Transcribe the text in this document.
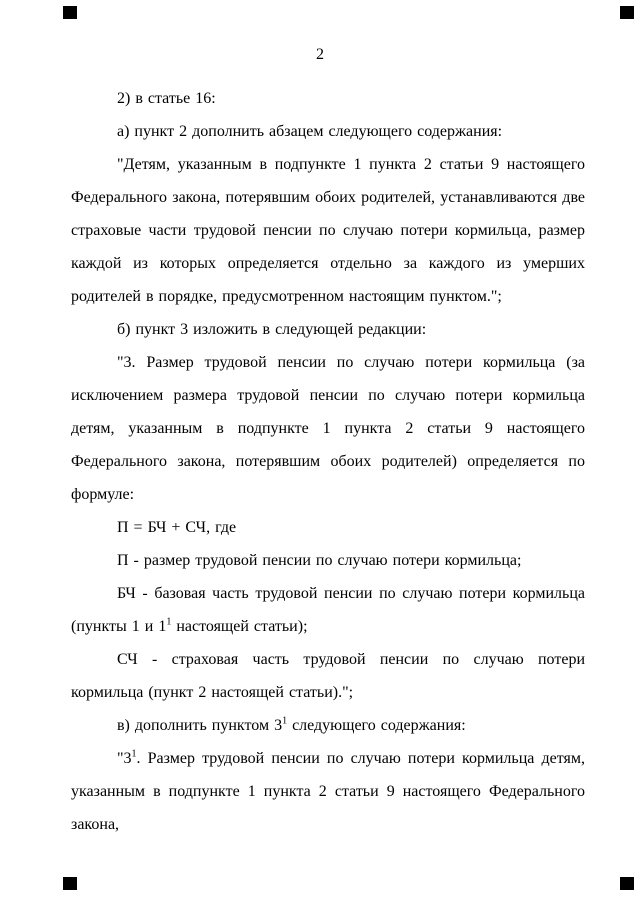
2

2) в статье 16:

а) пункт 2 дополнить абзацем следующего содержания:

"Детям, указанным в подпункте 1 пункта 2 статьи 9 настоящего Федерального закона, потерявшим обоих родителей, устанавливаются две страховые части трудовой пенсии по случаю потери кормильца, размер каждой из которых определяется отдельно за каждого из умерших родителей в порядке, предусмотренном настоящим пунктом.";

б) пункт 3 изложить в следующей редакции:

"3. Размер трудовой пенсии по случаю потери кормильца (за исключением размера трудовой пенсии по случаю потери кормильца детям, указанным в подпункте 1 пункта 2 статьи 9 настоящего Федерального закона, потерявшим обоих родителей) определяется по формуле:

П = БЧ + СЧ, где

П - размер трудовой пенсии по случаю потери кормильца;

БЧ - базовая часть трудовой пенсии по случаю потери кормильца (пункты 1 и $1^1$ настоящей статьи);

СЧ - страховая часть трудовой пенсии по случаю потери кормильца (пункт 2 настоящей статьи).";

в) дополнить пунктом $3^1$ следующего содержания:

"$3^1$. Размер трудовой пенсии по случаю потери кормильца детям, указанным в подпункте 1 пункта 2 статьи 9 настоящего Федерального закона,
